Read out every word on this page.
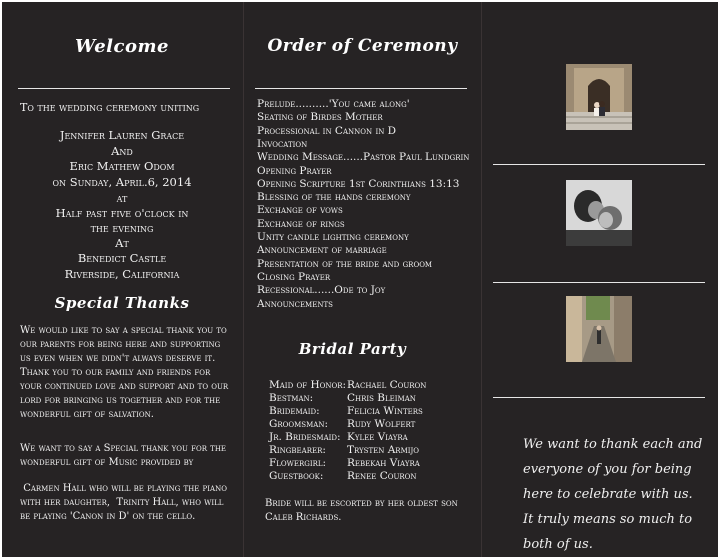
Welcome
To the wedding ceremony uniting
Jennifer Lauren Grace
And
Eric Mathew Odom
on Sunday, April.6, 2014
at
Half past five o'clock in
the evening
At
Benedict Castle
Riverside, California
Special Thanks
We would like to say a special thank you to our parents for being here and supporting us even when we didn't always deserve it. Thank you to our family and friends for your continued love and support and to our lord for bringing us together and for the wonderful gift of salvation.
We want to say a Special thank you for the wonderful gift of Music provided by
Carmen Hall who will be playing the piano with her daughter,  Trinity Hall, who will be playing 'Canon in D' on the cello.
Order of Ceremony
Prelude..........'You came along'
Seating of Birdes Mother
Processional in Cannon in D
Invocation
Wedding Message......Pastor Paul Lundgrin
Opening Prayer
Opening Scripture 1st Corinthians 13:13
Blessing of the hands ceremony
Exchange of vows
Exchange of rings
Unity candle lighting ceremony
Announcement of marriage
Presentation of the bride and groom
Closing Prayer
Recessional......Ode to Joy
Announcements
Bridal Party
Maid of Honor: Rachael Couron
Bestman:	Chris Bleiman
Bridemaid:	Felicia Winters
Groomsman: Rudy Wolfert
Jr. Bridesmaid: Kylee Viayra
Ringbearer: Trysten Armijo
Flowergirl: Rebekah Viayra
Guestbook: Renee Couron
Bride will be escorted by her oldest son Caleb Richards.
We want to thank each and everyone of you for being here to celebrate with us. It truly means so much to both of us.
